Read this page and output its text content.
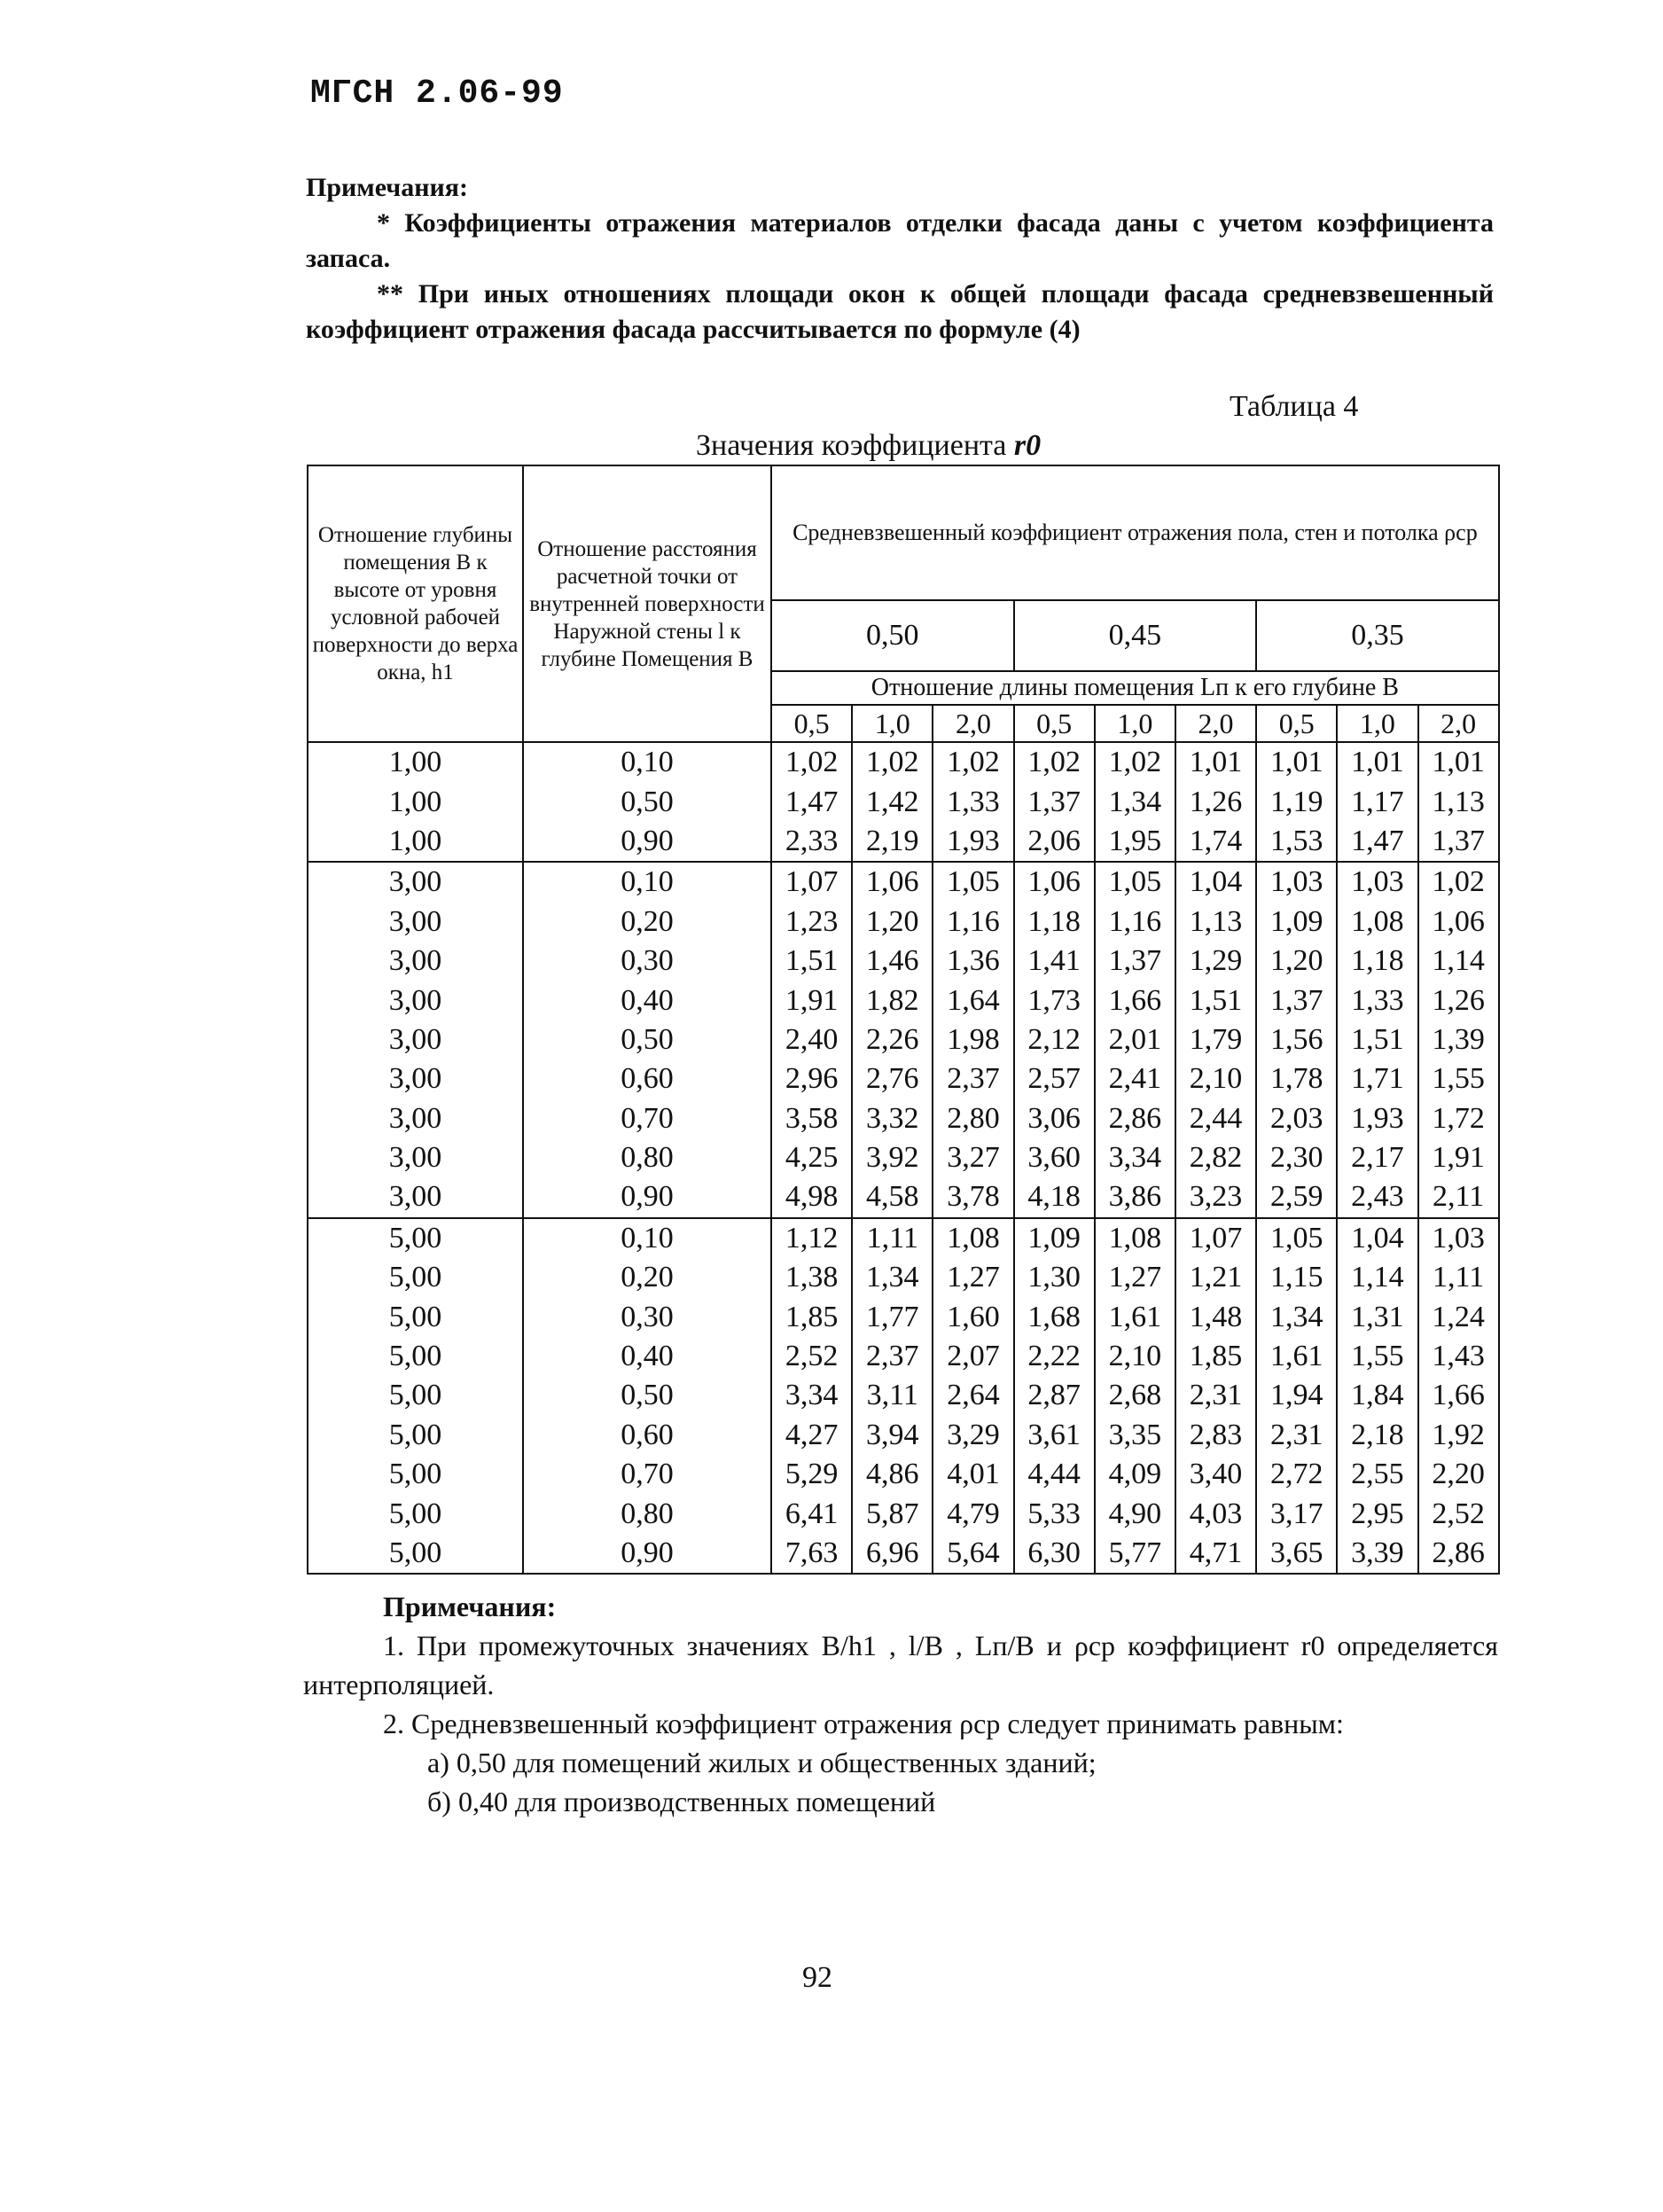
МГСН 2.06-99

Примечания:

* Коэффициенты отражения материалов отделки фасада даны с учетом коэффициента запаса.

** При иных отношениях площади окон к общей площади фасада средневзвешенный коэффициент отражения фасада рассчитывается по формуле (4)

Таблица 4
Значения коэффициента r0
Отношение глубины помещения B к высоте от уровня условной рабочей поверхности до верха окна, h1	Отношение расстояния расчетной точки от внутренней поверхности Наружной стены l к глубине Помещения B	Средневзвешенный коэффициент отражения пола, стен и потолка ρср								
		0,50			0,45			0,35		
		Отношение длины помещения Lп к его глубине B								
		0,5	1,0	2,0	0,5	1,0	2,0	0,5	1,0	2,0
1,00	0,10	1,02	1,02	1,02	1,02	1,02	1,01	1,01	1,01	1,01
1,00	0,50	1,47	1,42	1,33	1,37	1,34	1,26	1,19	1,17	1,13
1,00	0,90	2,33	2,19	1,93	2,06	1,95	1,74	1,53	1,47	1,37
3,00	0,10	1,07	1,06	1,05	1,06	1,05	1,04	1,03	1,03	1,02
3,00	0,20	1,23	1,20	1,16	1,18	1,16	1,13	1,09	1,08	1,06
3,00	0,30	1,51	1,46	1,36	1,41	1,37	1,29	1,20	1,18	1,14
3,00	0,40	1,91	1,82	1,64	1,73	1,66	1,51	1,37	1,33	1,26
3,00	0,50	2,40	2,26	1,98	2,12	2,01	1,79	1,56	1,51	1,39
3,00	0,60	2,96	2,76	2,37	2,57	2,41	2,10	1,78	1,71	1,55
3,00	0,70	3,58	3,32	2,80	3,06	2,86	2,44	2,03	1,93	1,72
3,00	0,80	4,25	3,92	3,27	3,60	3,34	2,82	2,30	2,17	1,91
3,00	0,90	4,98	4,58	3,78	4,18	3,86	3,23	2,59	2,43	2,11
5,00	0,10	1,12	1,11	1,08	1,09	1,08	1,07	1,05	1,04	1,03
5,00	0,20	1,38	1,34	1,27	1,30	1,27	1,21	1,15	1,14	1,11
5,00	0,30	1,85	1,77	1,60	1,68	1,61	1,48	1,34	1,31	1,24
5,00	0,40	2,52	2,37	2,07	2,22	2,10	1,85	1,61	1,55	1,43
5,00	0,50	3,34	3,11	2,64	2,87	2,68	2,31	1,94	1,84	1,66
5,00	0,60	4,27	3,94	3,29	3,61	3,35	2,83	2,31	2,18	1,92
5,00	0,70	5,29	4,86	4,01	4,44	4,09	3,40	2,72	2,55	2,20
5,00	0,80	6,41	5,87	4,79	5,33	4,90	4,03	3,17	2,95	2,52
5,00	0,90	7,63	6,96	5,64	6,30	5,77	4,71	3,65	3,39	2,86

Примечания:

1. При промежуточных значениях B/h1 , l/B , Lп/B и ρср коэффициент r0 определяется интерполяцией.

2. Средневзвешенный коэффициент отражения ρср следует принимать равным:

а) 0,50 для помещений жилых и общественных зданий;

б) 0,40 для производственных помещений

92
